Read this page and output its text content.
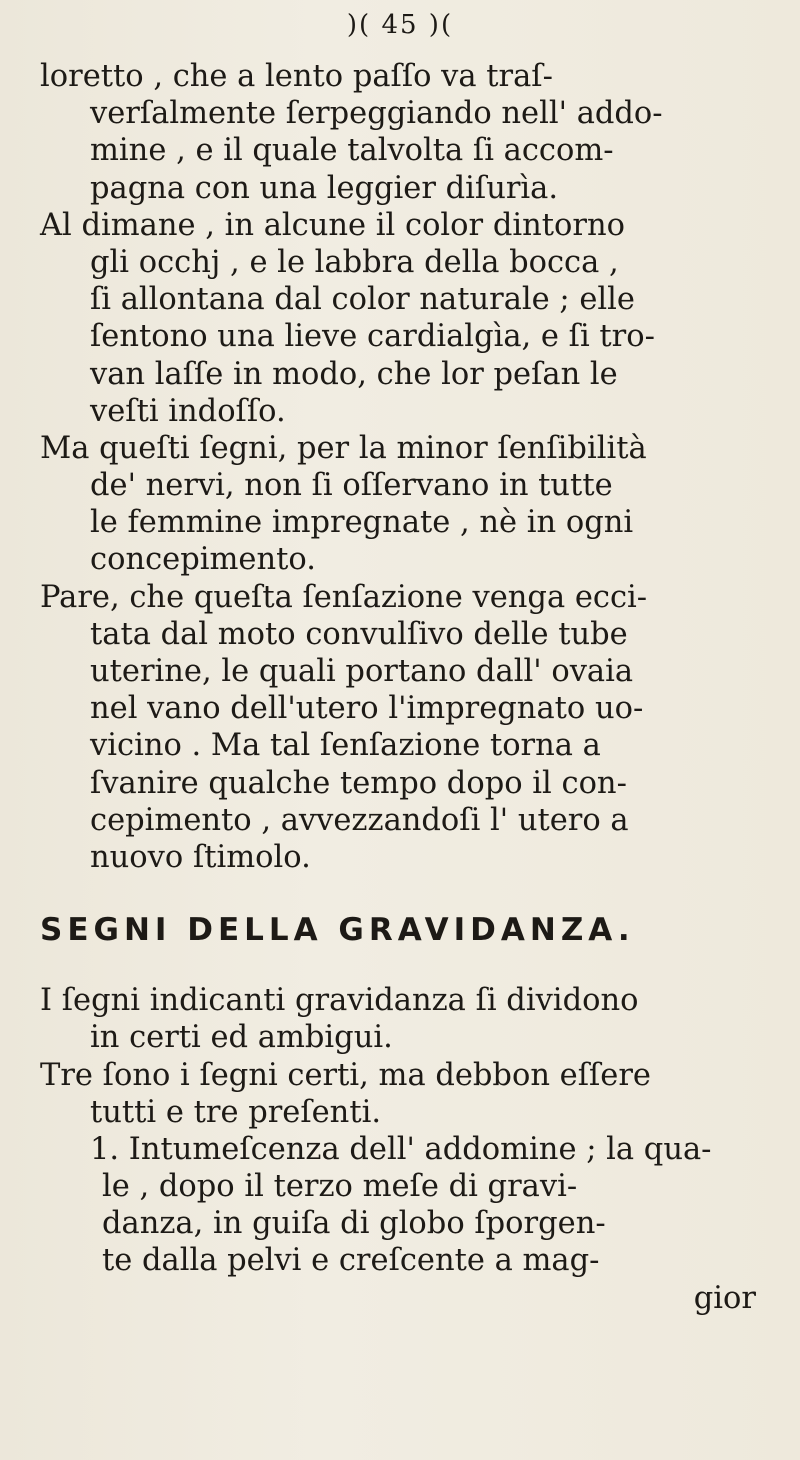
)( 45 )(
loretto , che a lento paſſo va traſ-
verſalmente ſerpeggiando nell' addo-
mine , e il quale talvolta ſi accom-
pagna con una leggier diſurìa.
Al dimane , in alcune il color dintorno
gli occhj , e le labbra della bocca ,
ſi allontana dal color naturale ; elle
ſentono una lieve cardialgìa, e ſi tro-
van laſſe in modo, che lor peſan le
veſti indoſſo.
Ma queſti ſegni, per la minor ſenſibilità
de' nervi, non ſi oſſervano in tutte
le femmine impregnate , nè in ogni
concepimento.
Pare, che queſta ſenſazione venga ecci-
tata dal moto convulſivo delle tube
uterine, le quali portano dall' ovaia
nel vano dell'utero l'impregnato uo-
vicino . Ma tal ſenſazione torna a
ſvanire qualche tempo dopo il con-
cepimento , avvezzandoſi l' utero a
nuovo ſtimolo.
SEGNI DELLA GRAVIDANZA.
I ſegni indicanti gravidanza ſi dividono
in certi ed ambigui.
Tre ſono i ſegni certi, ma debbon eſſere
tutti e tre preſenti.
1. Intumeſcenza dell' addomine ; la qua-
le , dopo il terzo meſe di gravi-
danza, in guiſa di globo ſporgen-
te dalla pelvi e creſcente a mag-
gior
